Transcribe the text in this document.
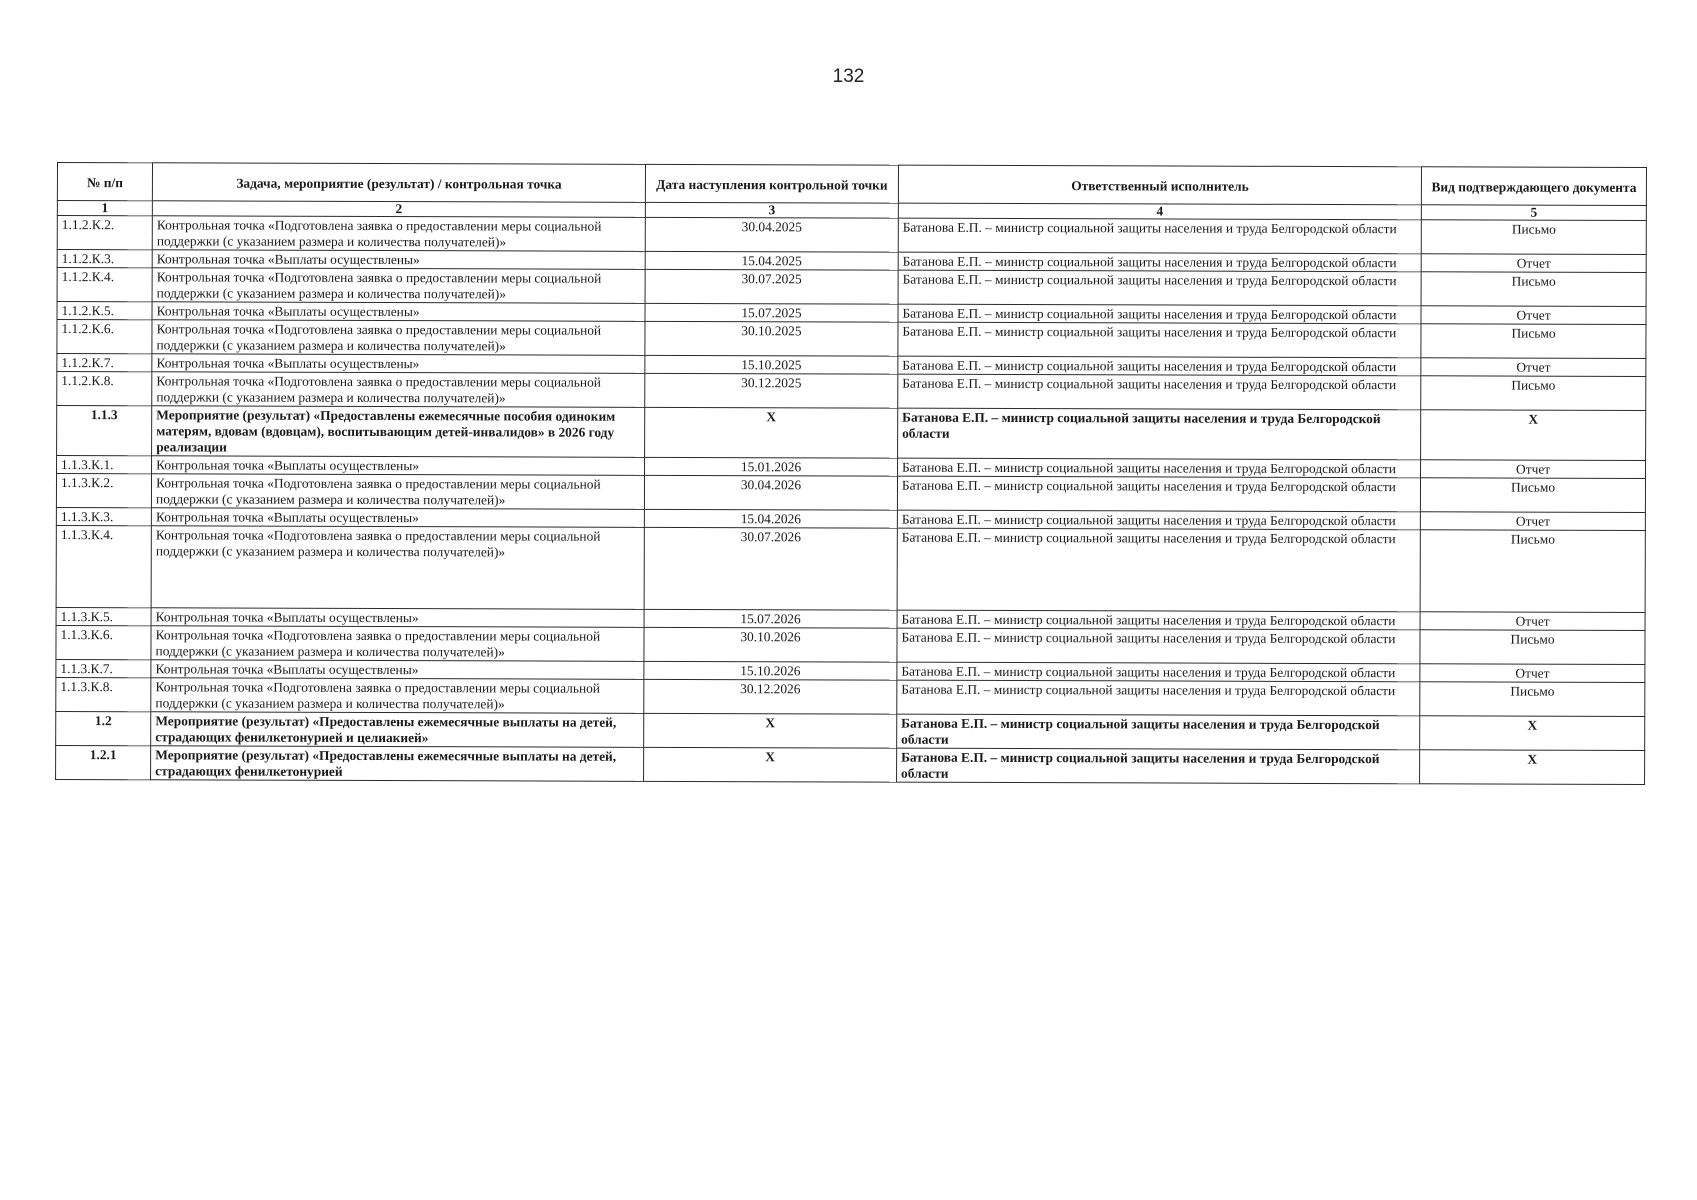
132
№ п/п	Задача, мероприятие (результат) / контрольная точка	Дата наступления контрольной точки	Ответственный исполнитель	Вид подтверждающего документа
1	2	3	4	5
1.1.2.К.2.	Контрольная точка «Подготовлена заявка о предоставлении меры социальной поддержки (с указанием размера и количества получателей)»	30.04.2025	Батанова Е.П. – министр социальной защиты населения и труда Белгородской области	Письмо
1.1.2.К.3.	Контрольная точка «Выплаты осуществлены»	15.04.2025	Батанова Е.П. – министр социальной защиты населения и труда Белгородской области	Отчет
1.1.2.К.4.	Контрольная точка «Подготовлена заявка о предоставлении меры социальной поддержки (с указанием размера и количества получателей)»	30.07.2025	Батанова Е.П. – министр социальной защиты населения и труда Белгородской области	Письмо
1.1.2.К.5.	Контрольная точка «Выплаты осуществлены»	15.07.2025	Батанова Е.П. – министр социальной защиты населения и труда Белгородской области	Отчет
1.1.2.К.6.	Контрольная точка «Подготовлена заявка о предоставлении меры социальной поддержки (с указанием размера и количества получателей)»	30.10.2025	Батанова Е.П. – министр социальной защиты населения и труда Белгородской области	Письмо
1.1.2.К.7.	Контрольная точка «Выплаты осуществлены»	15.10.2025	Батанова Е.П. – министр социальной защиты населения и труда Белгородской области	Отчет
1.1.2.К.8.	Контрольная точка «Подготовлена заявка о предоставлении меры социальной поддержки (с указанием размера и количества получателей)»	30.12.2025	Батанова Е.П. – министр социальной защиты населения и труда Белгородской области	Письмо
1.1.3	Мероприятие (результат) «Предоставлены ежемесячные пособия одиноким матерям, вдовам (вдовцам), воспитывающим детей-инвалидов» в 2026 году реализации	X	Батанова Е.П. – министр социальной защиты населения и труда Белгородской области	X
1.1.3.К.1.	Контрольная точка «Выплаты осуществлены»	15.01.2026	Батанова Е.П. – министр социальной защиты населения и труда Белгородской области	Отчет
1.1.3.К.2.	Контрольная точка «Подготовлена заявка о предоставлении меры социальной поддержки (с указанием размера и количества получателей)»	30.04.2026	Батанова Е.П. – министр социальной защиты населения и труда Белгородской области	Письмо
1.1.3.К.3.	Контрольная точка «Выплаты осуществлены»	15.04.2026	Батанова Е.П. – министр социальной защиты населения и труда Белгородской области	Отчет
1.1.3.К.4.	Контрольная точка «Подготовлена заявка о предоставлении меры социальной поддержки (с указанием размера и количества получателей)»	30.07.2026	Батанова Е.П. – министр социальной защиты населения и труда Белгородской области	Письмо
1.1.3.К.5.	Контрольная точка «Выплаты осуществлены»	15.07.2026	Батанова Е.П. – министр социальной защиты населения и труда Белгородской области	Отчет
1.1.3.К.6.	Контрольная точка «Подготовлена заявка о предоставлении меры социальной поддержки (с указанием размера и количества получателей)»	30.10.2026	Батанова Е.П. – министр социальной защиты населения и труда Белгородской области	Письмо
1.1.3.К.7.	Контрольная точка «Выплаты осуществлены»	15.10.2026	Батанова Е.П. – министр социальной защиты населения и труда Белгородской области	Отчет
1.1.3.К.8.	Контрольная точка «Подготовлена заявка о предоставлении меры социальной поддержки (с указанием размера и количества получателей)»	30.12.2026	Батанова Е.П. – министр социальной защиты населения и труда Белгородской области	Письмо
1.2	Мероприятие (результат) «Предоставлены ежемесячные выплаты на детей, страдающих фенилкетонурией и целиакией»	X	Батанова Е.П. – министр социальной защиты населения и труда Белгородской области	X
1.2.1	Мероприятие (результат) «Предоставлены ежемесячные выплаты на детей, страдающих фенилкетонурией	X	Батанова Е.П. – министр социальной защиты населения и труда Белгородской области	X
